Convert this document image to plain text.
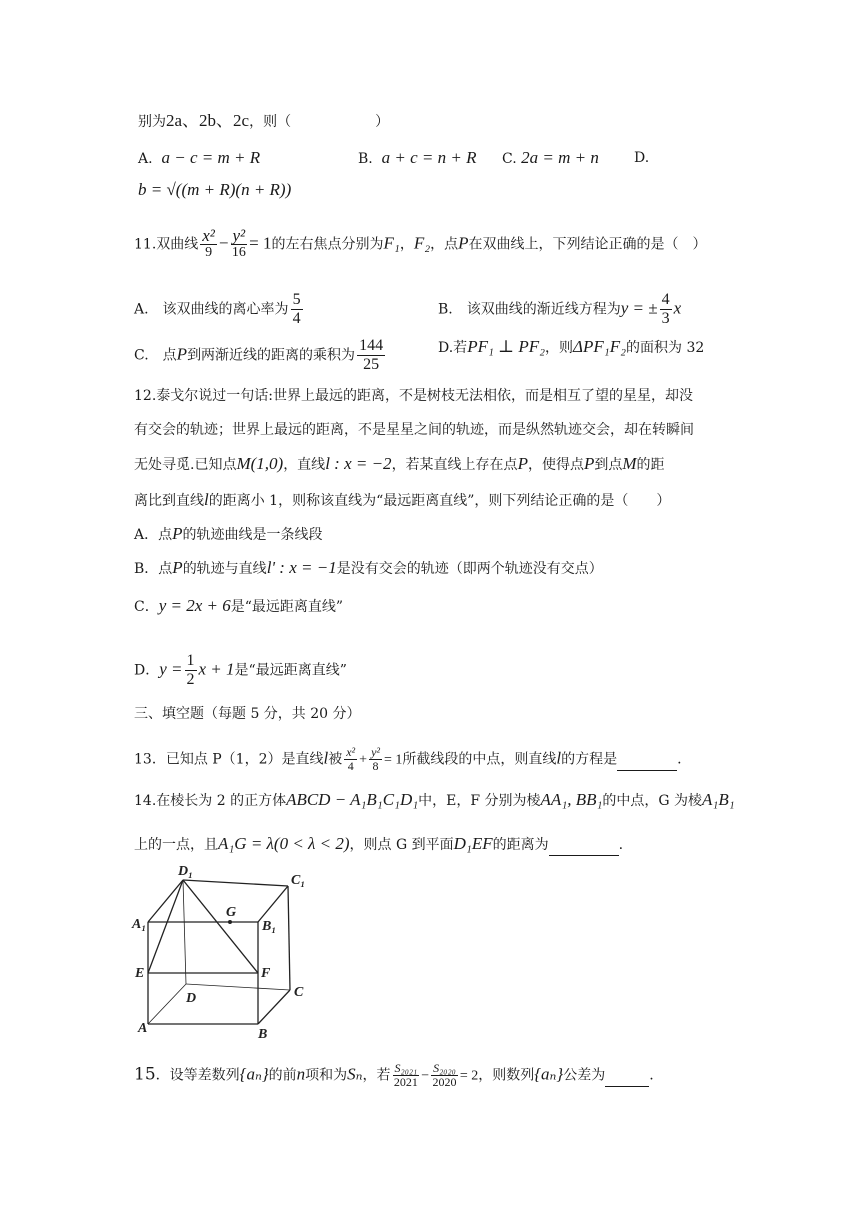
别为2a、2b、2c，则（　　　　　　）
A. a − c = m + R	B. a + c = n + R C. 2a = m + n	D.
b = √((m + R)(n + R))
11.双曲线 $\frac{\text{x²}}{9} - \frac{\text{y²}}{16} = 1$的左右焦点分别为F₁，F₂，点P在双曲线上，下列结论正确的是（　）
A.　该双曲线的离心率为 $\frac{5}{4}$	B.　该双曲线的渐近线方程为y = ± $\frac{4}{3}$ x
C.　点P到两渐近线的距离的乘积为 $\frac{144}{25}$	D.若PF₁ ⊥ PF₂，则ΔPF₁F₂的面积为 32
12.泰戈尔说过一句话:世界上最远的距离，不是树枝无法相依，而是相互了望的星星，却没
有交会的轨迹；世界上最远的距离，不是星星之间的轨迹，而是纵然轨迹交会，却在转瞬间
无处寻觅.已知点M(1,0)，直线l : x = −2，若某直线上存在点P，使得点P到点M的距
离比到直线l的距离小 1，则称该直线为“最远距离直线”，则下列结论正确的是（　　）
A．点P的轨迹曲线是一条线段
B．点P的轨迹与直线l' : x = −1是没有交会的轨迹（即两个轨迹没有交点）
C．y = 2x + 6是“最远距离直线”
D．$y = \frac{1}{2}$ x + 1是“最远距离直线”
三、填空题（每题 5 分，共 20 分）
13．已知点 P（1，2）是直线l被 $\frac{\text{x²}}{4} + \frac{\text{y²}}{8} = 1$所截线段的中点，则直线l的方程是	.
14.在棱长为 2 的正方体ABCD − A₁B₁C₁D₁中，E，F 分别为棱AA₁, BB₁的中点，G 为棱A₁B₁
上的一点，且A₁G = λ(0 < λ < 2)，则点 G 到平面D₁EF的距离为	.
D₁
C₁
A₁	B₁
G
E	F
D	C
A	B
15．设等差数列{aₙ}的前n项和为Sₙ，若 $\frac{\text{S₂₀₂₁}}{2021} - \frac{\text{S₂₀₂₀}}{2020} = 2$，则数列{aₙ}公差为	.
